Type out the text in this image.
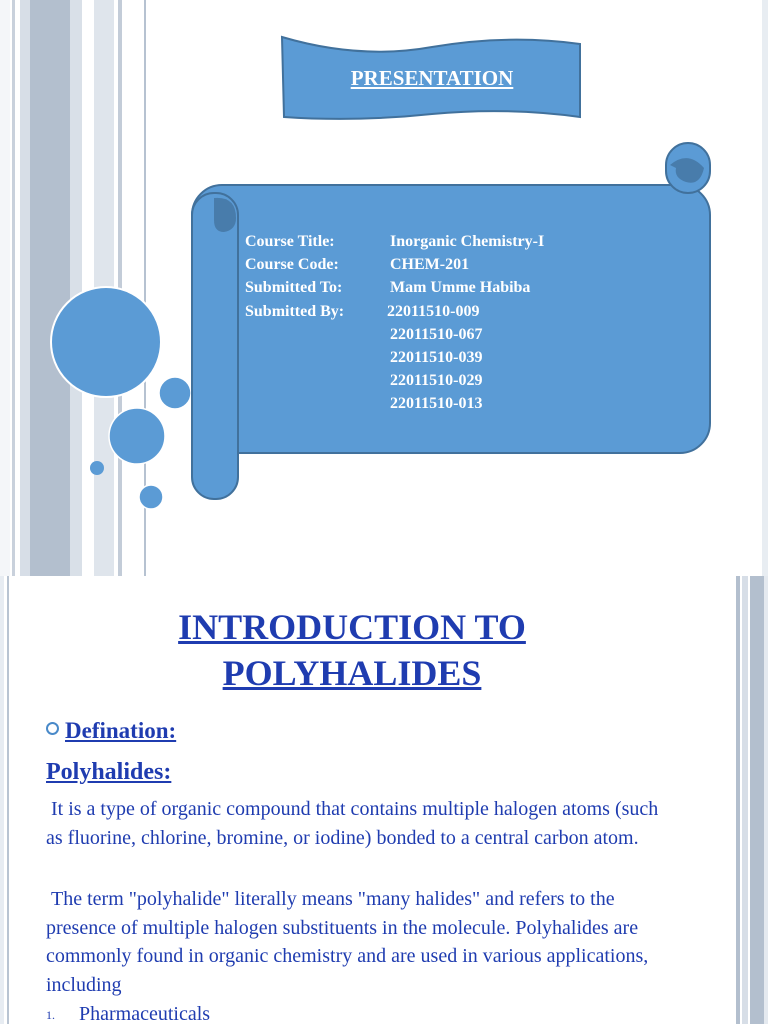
PRESENTATION
Course Title:	Inorganic Chemistry-I
Course Code:	CHEM-201
Submitted To:	Mam Umme Habiba
Submitted By:	22011510-009
22011510-067
22011510-039
22011510-029
22011510-013
INTRODUCTION TO
POLYHALIDES
Defination:
Polyhalides:
It is a type of organic compound that contains multiple halogen atoms (such as fluorine, chlorine, bromine, or iodine) bonded to a central carbon atom.
The term "polyhalide" literally means "many halides" and refers to the presence of multiple halogen substituents in the molecule. Polyhalides are commonly found in organic chemistry and are used in various applications, including
1. Pharmaceuticals
